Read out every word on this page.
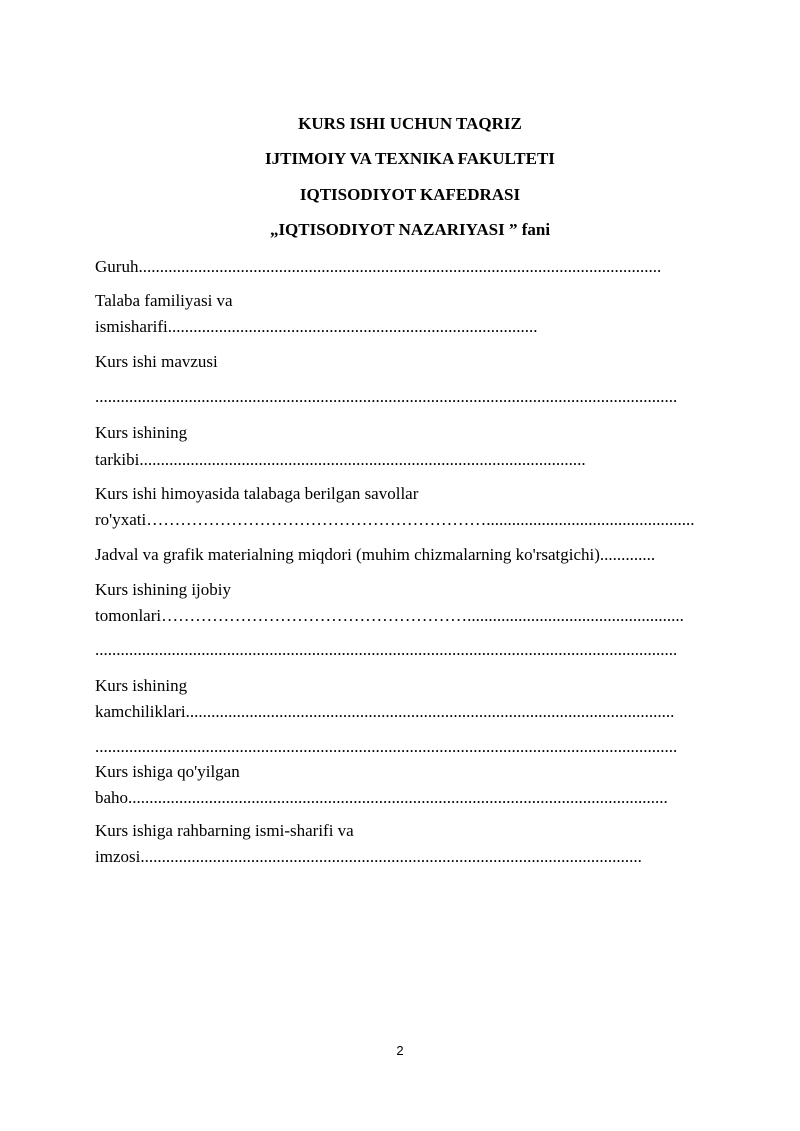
KURS ISHI UCHUN TAQRIZ
IJTIMOIY VA TEXNIKA FAKULTETI
IQTISODIYOT KAFEDRASI
„IQTISODIYOT NAZARIYASI ” fani
Guruh...........................................................................................................................
Talaba familiyasi va
ismisharifi.......................................................................................
Kurs ishi mavzusi
.........................................................................................................................................
Kurs ishining
tarkibi.........................................................................................................
Kurs ishi himoyasida talabaga berilgan savollar
ro'yxati…………………………………………………….................................................
Jadval va grafik materialning miqdori (muhim chizmalarning ko'rsatgichi).............
Kurs ishining ijobiy
tomonlari………………………………………………...................................................
.........................................................................................................................................
Kurs ishining
kamchiliklari...................................................................................................................
.........................................................................................................................................
Kurs ishiga qo'yilgan
baho...............................................................................................................................
Kurs ishiga rahbarning ismi-sharifi va
imzosi......................................................................................................................
2
